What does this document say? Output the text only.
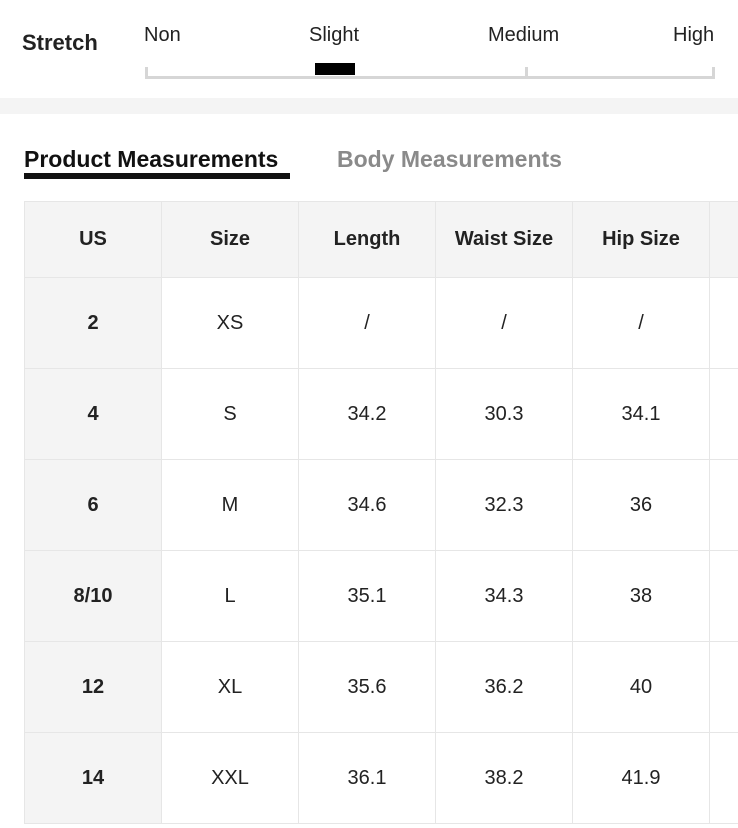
Stretch Non	Slight	Medium	High
Product Measurements	Body Measurements
US	Size	Length	Waist Size	Hip Size	
2	XS	/	/	/	
4	S	34.2	30.3	34.1	
6	M	34.6	32.3	36	
8/10	L	35.1	34.3	38	
12	XL	35.6	36.2	40	
14	XXL	36.1	38.2	41.9	
